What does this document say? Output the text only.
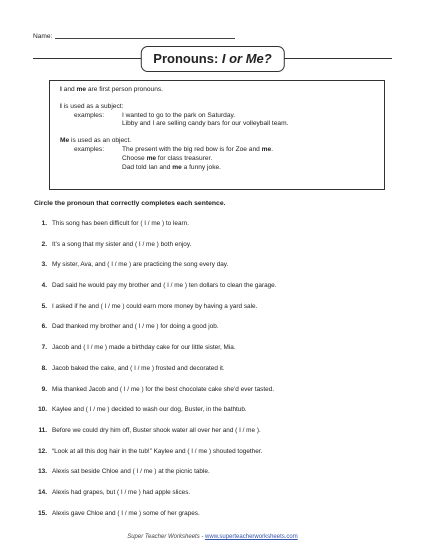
Name:
Pronouns: I or Me?

I and me are first person pronouns.

I is used as a subject:

examples:	I wanted to go to the park on Saturday.
Libby and I are selling candy bars for our volleyball team.

Me is used as an object.

examples:	The present with the big red bow is for Zoe and me.
Choose me for class treasurer.
Dad told Ian and me a funny joke.
Circle the pronoun that correctly completes each sentence.
1. This song has been difficult for ( I / me ) to learn.
2. It’s a song that my sister and ( I / me ) both enjoy.
3. My sister, Ava, and ( I / me ) are practicing the song every day.
4. Dad said he would pay my brother and ( I / me ) ten dollars to clean the garage.
5. I asked if he and ( I / me ) could earn more money by having a yard sale.
6. Dad thanked my brother and ( I / me ) for doing a good job.
7. Jacob and ( I / me ) made a birthday cake for our little sister, Mia.
8. Jacob baked the cake, and ( I / me ) frosted and decorated it.
9. Mia thanked Jacob and ( I / me ) for the best chocolate cake she’d ever tasted.
10. Kaylee and ( I / me ) decided to wash our dog, Buster, in the bathtub.
11. Before we could dry him off, Buster shook water all over her and ( I / me ).
12. “Look at all this dog hair in the tub!” Kaylee and ( I / me ) shouted together.
13. Alexis sat beside Chloe and ( I / me ) at the picnic table.
14. Alexis had grapes, but ( I / me ) had apple slices.
15. Alexis gave Chloe and ( I / me ) some of her grapes.
Super Teacher Worksheets - www.superteacherworksheets.com
